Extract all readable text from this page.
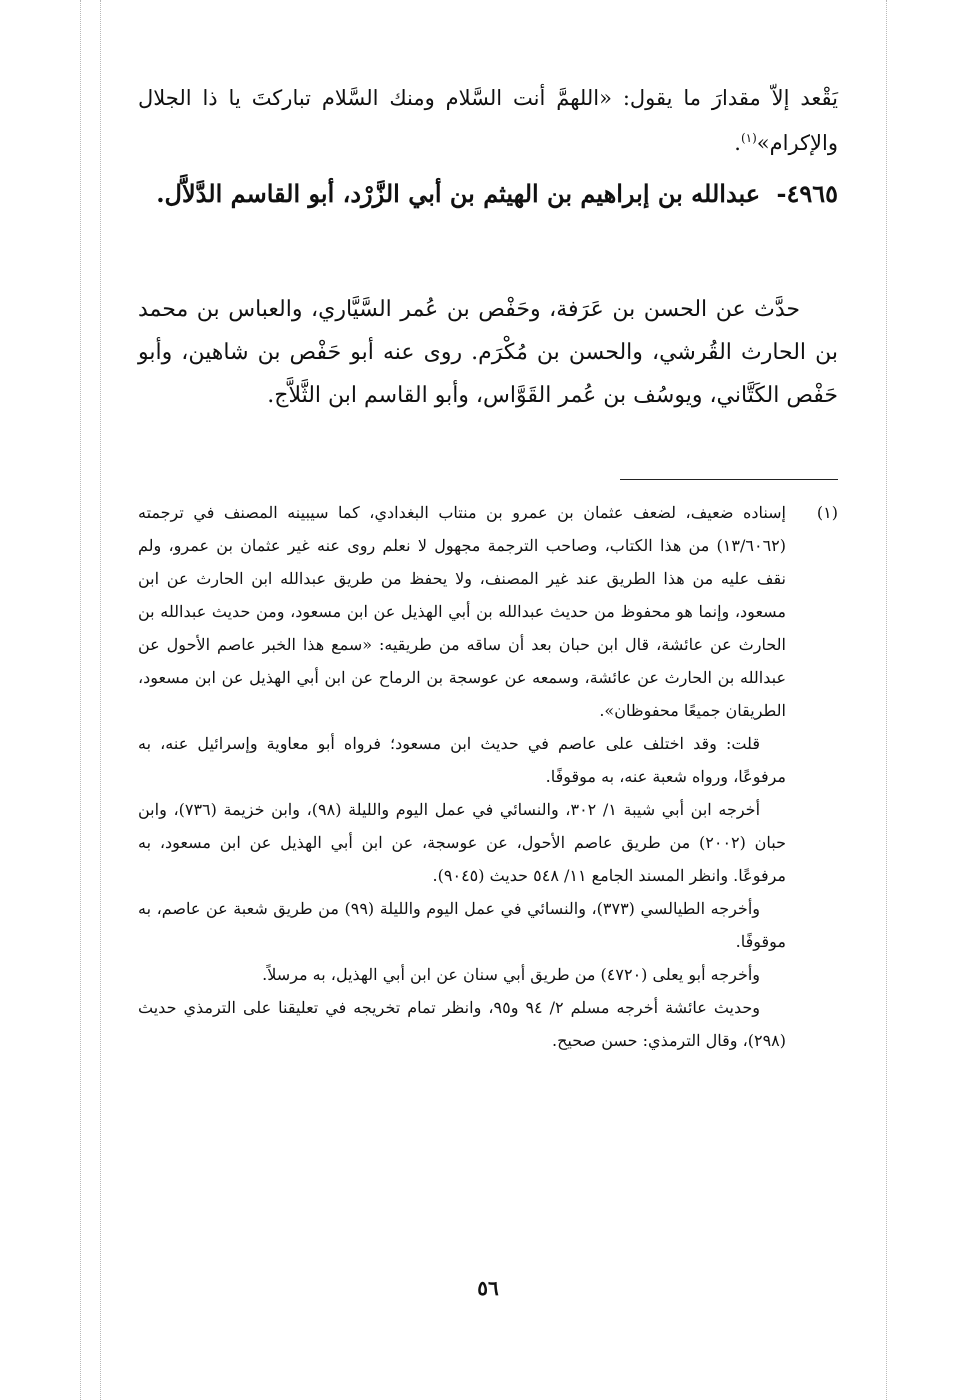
يَقْعد إلاّ مقدارَ ما يقول: «اللهمَّ أنت السَّلام ومنك السَّلام تباركتَ يا ذا الجلال والإكرام»$^{(١)}$.
٤٩٦٥- عبدالله بن إبراهيم بن الهيثم بن أبي الزَّرْد، أبو القاسم الدَّلاَّل.
حدَّث عن الحسن بن عَرَفة، وحَفْص بن عُمر السَّيَّاري، والعباس بن محمد بن الحارث القُرشي، والحسن بن مُكْرَم. روى عنه أبو حَفْص بن شاهين، وأبو حَفْص الكَتَّاني، ويوسُف بن عُمر القَوَّاس، وأبو القاسم ابن الثَّلاَّج.
(١)

إسناده ضعيف، لضعف عثمان بن عمرو بن منتاب البغدادي، كما سيبينه المصنف في ترجمته (١٣/٦٠٦٢) من هذا الكتاب، وصاحب الترجمة مجهول لا نعلم روى عنه غير عثمان بن عمرو، ولم نقف عليه من هذا الطريق عند غير المصنف، ولا يحفظ من طريق عبدالله ابن الحارث عن ابن مسعود، وإنما هو محفوظ من حديث عبدالله بن أبي الهذيل عن ابن مسعود، ومن حديث عبدالله بن الحارث عن عائشة، قال ابن حبان بعد أن ساقه من طريقيه: «سمع هذا الخبر عاصم الأحول عن عبدالله بن الحارث عن عائشة، وسمعه عن عوسجة بن الرماح عن ابن أبي الهذيل عن ابن مسعود، الطريقان جميعًا محفوظان».

قلت: وقد اختلف على عاصم في حديث ابن مسعود؛ فرواه أبو معاوية وإسرائيل عنه، به مرفوعًا، ورواه شعبة عنه، به موقوفًا.

أخرجه ابن أبي شيبة ١/ ٣٠٢، والنسائي في عمل اليوم والليلة (٩٨)، وابن خزيمة (٧٣٦)، وابن حبان (٢٠٠٢) من طريق عاصم الأحول، عن عوسجة، عن ابن أبي الهذيل عن ابن مسعود، به مرفوعًا. وانظر المسند الجامع ١١/ ٥٤٨ حديث (٩٠٤٥).

وأخرجه الطيالسي (٣٧٣)، والنسائي في عمل اليوم والليلة (٩٩) من طريق شعبة عن عاصم، به موقوفًا.

وأخرجه أبو يعلى (٤٧٢٠) من طريق أبي سنان عن ابن أبي الهذيل، به مرسلاً.

وحديث عائشة أخرجه مسلم ٢/ ٩٤ و٩٥، وانظر تمام تخريجه في تعليقنا على الترمذي حديث (٢٩٨)، وقال الترمذي: حسن صحيح.

٥٦
